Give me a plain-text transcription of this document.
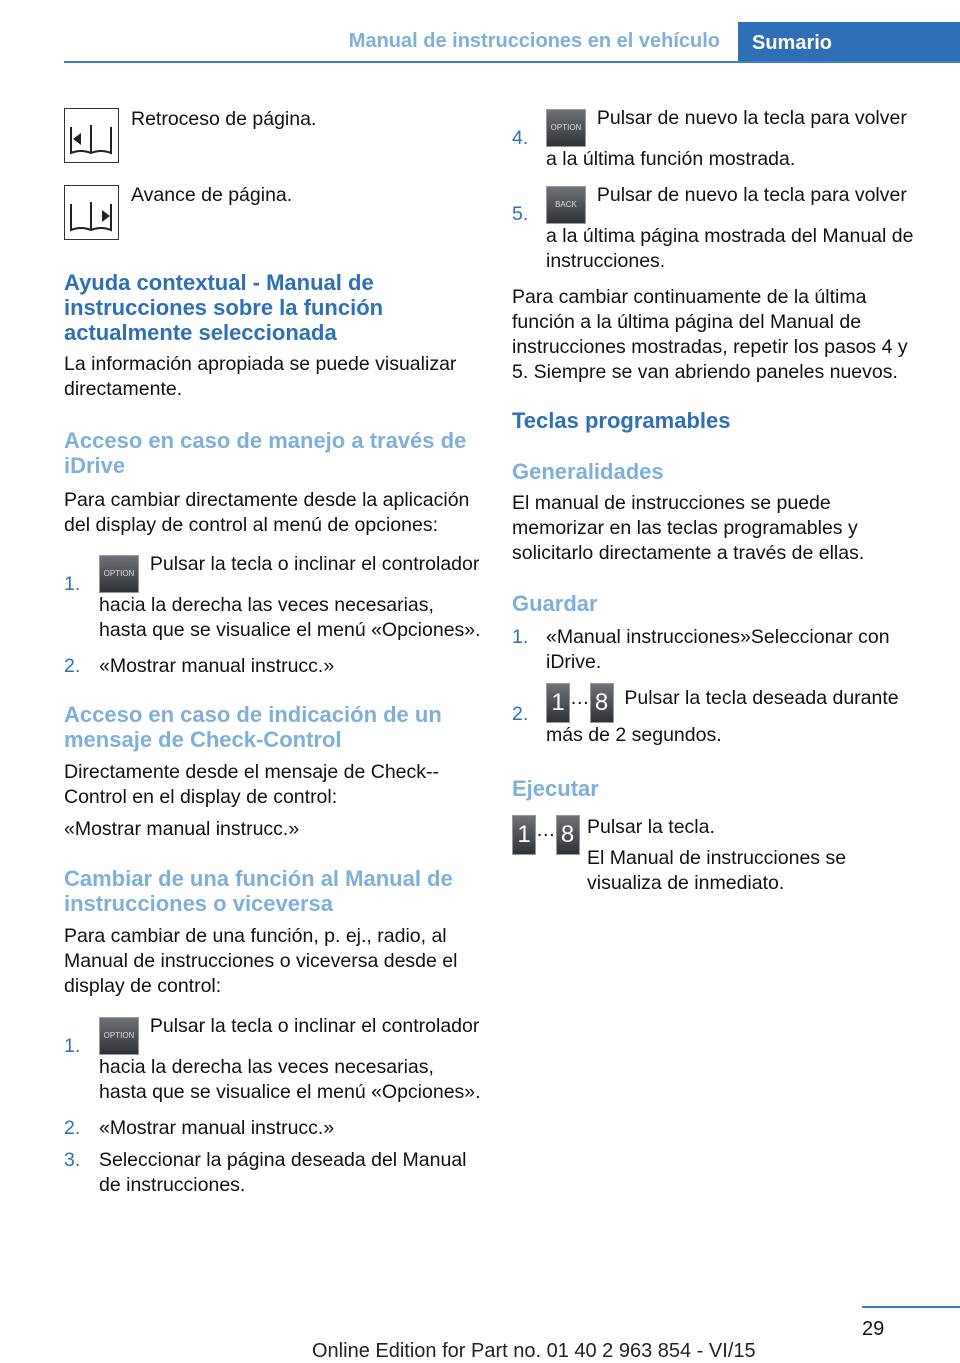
Manual de instrucciones en el vehículo	Sumario
Retroceso de página.
Avance de página.
Ayuda contextual - Manual de instrucciones sobre la función actualmente seleccionada
La información apropiada se puede visualizar directamente.
Acceso en caso de manejo a través de iDrive
Para cambiar directamente desde la aplicación del display de control al menú de opciones:
1.	OPTION Pulsar la tecla o inclinar el controlador hacia la derecha las veces necesarias, hasta que se visualice el menú «Opciones».
2. «Mostrar manual instrucc.»
Acceso en caso de indicación de un mensaje de Check-Control
Directamente desde el mensaje de Check--Control en el display de control:
«Mostrar manual instrucc.»
Cambiar de una función al Manual de instrucciones o viceversa
Para cambiar de una función, p. ej., radio, al Manual de instrucciones o viceversa desde el display de control:
1.	OPTION Pulsar la tecla o inclinar el controlador hacia la derecha las veces necesarias, hasta que se visualice el menú «Opciones».
2. «Mostrar manual instrucc.»
3. Seleccionar la página deseada del Manual de instrucciones.
4.	OPTION Pulsar de nuevo la tecla para volver a la última función mostrada.
5.	BACK Pulsar de nuevo la tecla para volver a la última página mostrada del Manual de instrucciones.
Para cambiar continuamente de la última función a la última página del Manual de instrucciones mostradas, repetir los pasos 4 y 5. Siempre se van abriendo paneles nuevos.
Teclas programables
Generalidades
El manual de instrucciones se puede memorizar en las teclas programables y solicitarlo directamente a través de ellas.
Guardar
1. «Manual instrucciones»Seleccionar con iDrive.
2. 1 … 8 Pulsar la tecla deseada durante más de 2 segundos.
Ejecutar
1 … 8 Pulsar la tecla.
El Manual de instrucciones se visualiza de inmediato.
29
Online Edition for Part no. 01 40 2 963 854 - VI/15
